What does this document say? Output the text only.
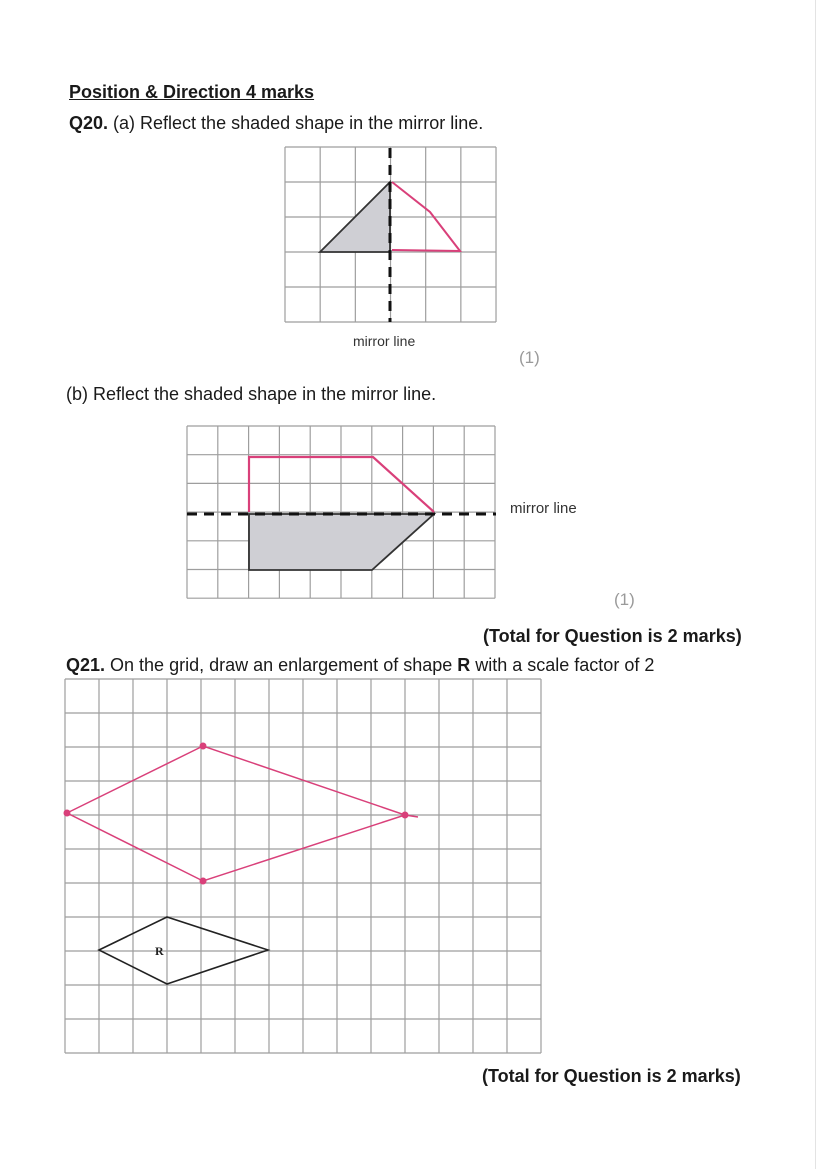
Position & Direction 4 marks
Q20. (a) Reflect the shaded shape in the mirror line.
mirror line
(1)
(b) Reflect the shaded shape in the mirror line.
mirror line
(1)
(Total for Question is 2 marks)
Q21. On the grid, draw an enlargement of shape R with a scale factor of 2
(Total for Question is 2 marks)
R
